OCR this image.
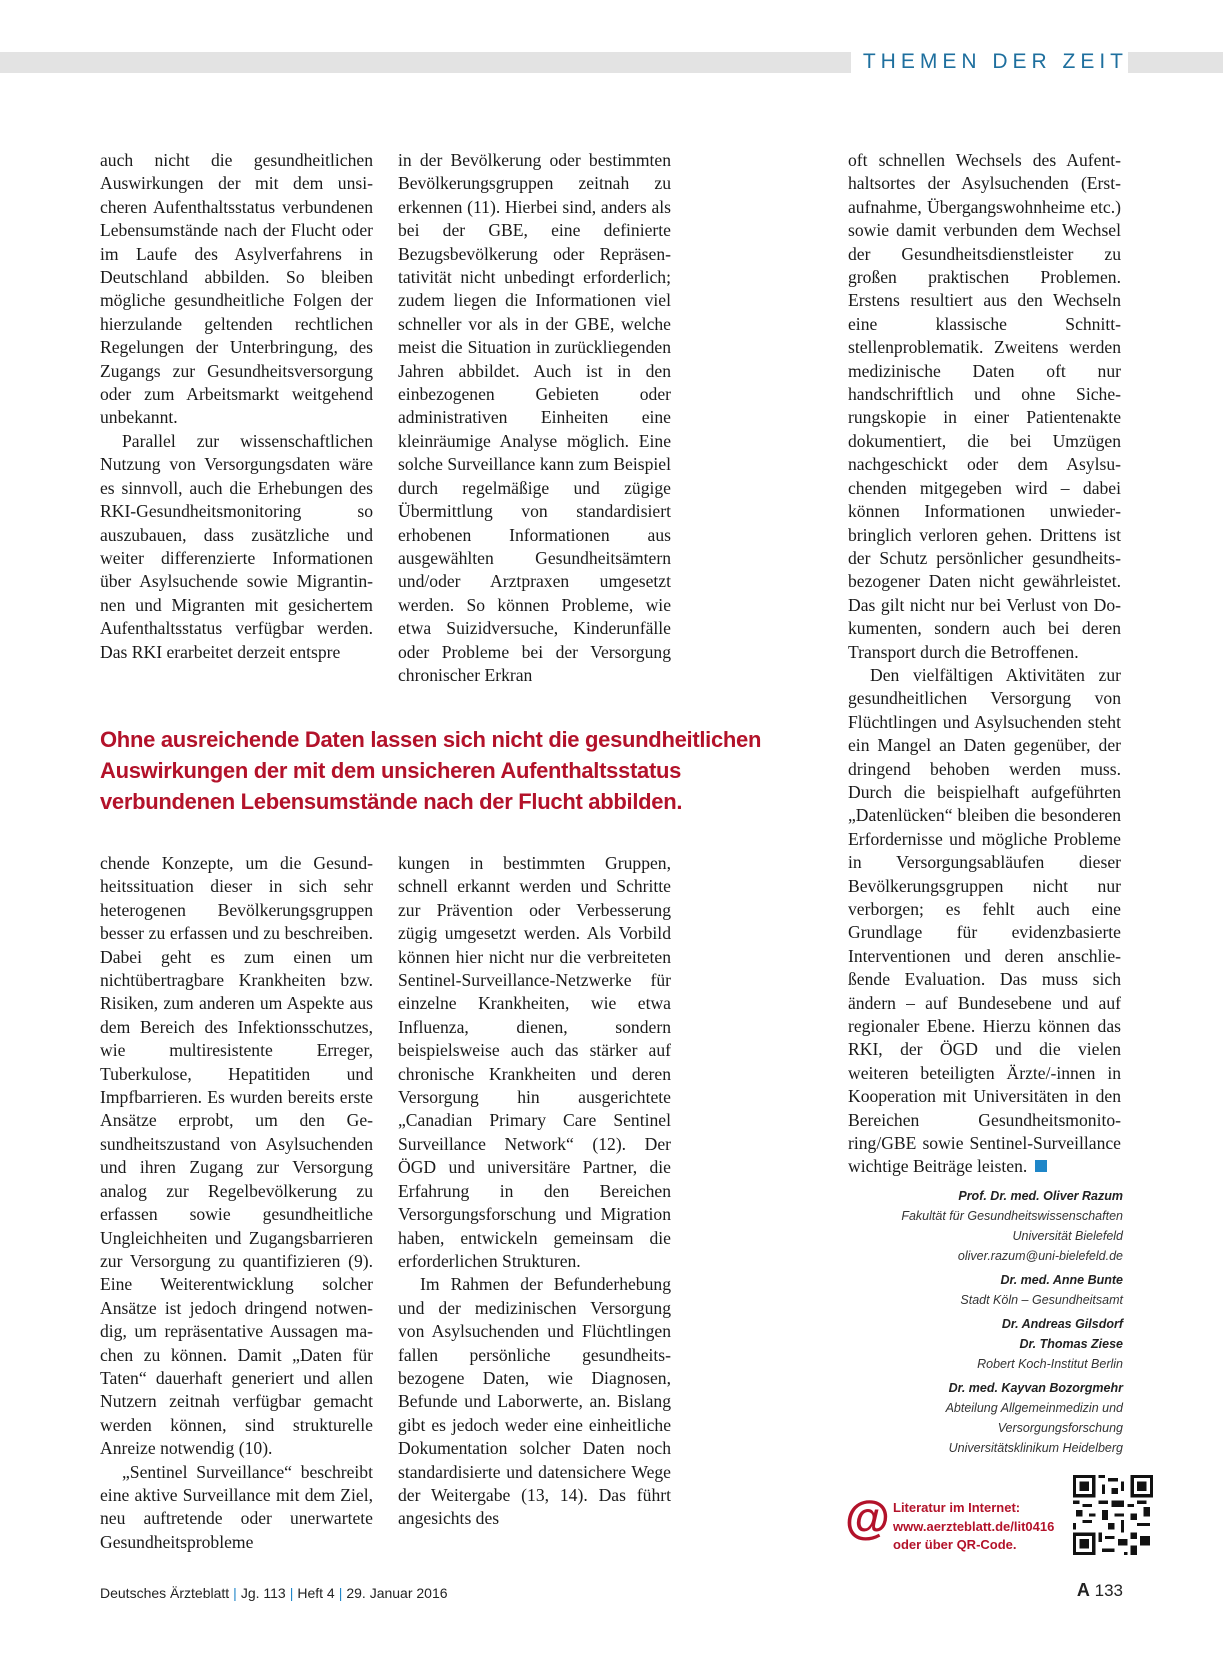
THEMEN DER ZEIT

auch nicht die gesundheitlichen Auswirkungen der mit dem unsicheren Aufenthaltsstatus verbundenen Lebensumstände nach der Flucht oder im Laufe des Asylverfahrens in Deutschland abbilden. So bleiben mögliche gesundheitliche Folgen der hierzulande geltenden rechtlichen Regelungen der Unterbringung, des Zugangs zur Gesundheitsversorgung oder zum Arbeitsmarkt weitgehend unbekannt.

Parallel zur wissenschaftlichen Nutzung von Versorgungsdaten wäre es sinnvoll, auch die Erhebungen des RKI-Gesundheitsmonitoring so auszubauen, dass zusätzliche und weiter differenzierte Informationen über Asylsuchende sowie Migrantinnen und Migranten mit gesichertem Aufenthaltsstatus verfügbar werden. Das RKI erarbeitet derzeit entspre

in der Bevölkerung oder bestimmten Bevölkerungsgruppen zeitnah zu erkennen (11). Hierbei sind, anders als bei der GBE, eine definierte Bezugsbevölkerung oder Repräsentativität nicht unbedingt erforderlich; zudem liegen die Informationen viel schneller vor als in der GBE, welche meist die Situation in zurückliegenden Jahren abbildet. Auch ist in den einbezogenen Gebieten oder administrativen Einheiten eine kleinräumige Analyse möglich. Eine solche Surveillance kann zum Beispiel durch regelmäßige und zügige Übermittlung von standardisiert erhobenen Informationen aus ausgewählten Gesundheitsämtern und/oder Arztpraxen umgesetzt werden. So können Probleme, wie etwa Suizidversuche, Kinderunfälle oder Probleme bei der Versorgung chronischer Erkran

oft schnellen Wechsels des Aufenthaltsortes der Asylsuchenden (Erstaufnahme, Übergangswohnheime etc.) sowie damit verbunden dem Wechsel der Gesundheitsdienstleister zu großen praktischen Problemen. Erstens resultiert aus den Wechseln eine klassische Schnittstellenproblematik. Zweitens werden medizinische Daten oft nur handschriftlich und ohne Sicherungskopie in einer Patientenakte dokumentiert, die bei Umzügen nachgeschickt oder dem Asylsuchenden mitgegeben wird – dabei können Informationen unwiederbringlich verloren gehen. Drittens ist der Schutz persönlicher gesundheitsbezogener Daten nicht gewährleistet. Das gilt nicht nur bei Verlust von Dokumenten, sondern auch bei deren Transport durch die Betroffenen.

Den vielfältigen Aktivitäten zur gesundheitlichen Versorgung von Flüchtlingen und Asylsuchenden steht ein Mangel an Daten gegenüber, der dringend behoben werden muss. Durch die beispielhaft aufgeführten „Datenlücken“ bleiben die besonderen Erfordernisse und mögliche Probleme in Versorgungsabläufen dieser Bevölkerungsgruppen nicht nur verborgen; es fehlt auch eine Grundlage für evidenzbasierte Interventionen und deren anschließende Evaluation. Das muss sich ändern – auf Bundesebene und auf regionaler Ebene. Hierzu können das RKI, der ÖGD und die vielen weiteren beteiligten Ärzte/-innen in Kooperation mit Universitäten in den Bereichen Gesundheitsmonitoring/GBE sowie Sentinel-Surveillance wichtige Beiträge leisten.

Ohne ausreichende Daten lassen sich nicht die gesundheitlichen
Auswirkungen der mit dem unsicheren Aufenthaltsstatus
verbundenen Lebensumstände nach der Flucht abbilden.

chende Konzepte, um die Gesundheitssituation dieser in sich sehr heterogenen Bevölkerungsgruppen besser zu erfassen und zu beschreiben. Dabei geht es zum einen um nichtübertragbare Krankheiten bzw. Risiken, zum anderen um Aspekte aus dem Bereich des Infektionsschutzes, wie multiresistente Erreger, Tuberkulose, Hepatitiden und Impfbarrieren. Es wurden bereits erste Ansätze erprobt, um den Gesundheitszustand von Asylsuchenden und ihren Zugang zur Versorgung analog zur Regelbevölkerung zu erfassen sowie gesundheitliche Ungleichheiten und Zugangsbarrieren zur Versorgung zu quantifizieren (9). Eine Weiterentwicklung solcher Ansätze ist jedoch dringend notwendig, um repräsentative Aussagen machen zu können. Damit „Daten für Taten“ dauerhaft generiert und allen Nutzern zeitnah verfügbar gemacht werden können, sind strukturelle Anreize notwendig (10).

„Sentinel Surveillance“ beschreibt eine aktive Surveillance mit dem Ziel, neu auftretende oder unerwartete Gesundheitsprobleme

kungen in bestimmten Gruppen, schnell erkannt werden und Schritte zur Prävention oder Verbesserung zügig umgesetzt werden. Als Vorbild können hier nicht nur die verbreiteten Sentinel-Surveillance-Netzwerke für einzelne Krankheiten, wie etwa Influenza, dienen, sondern beispielsweise auch das stärker auf chronische Krankheiten und deren Versorgung hin ausgerichtete „Canadian Primary Care Sentinel Surveillance Network“ (12). Der ÖGD und universitäre Partner, die Erfahrung in den Bereichen Versorgungsforschung und Migration haben, entwickeln gemeinsam die erforderlichen Strukturen.

Im Rahmen der Befunderhebung und der medizinischen Versorgung von Asylsuchenden und Flüchtlingen fallen persönliche gesundheitsbezogene Daten, wie Diagnosen, Befunde und Laborwerte, an. Bislang gibt es jedoch weder eine einheitliche Dokumentation solcher Daten noch standardisierte und datensichere Wege der Weitergabe (13, 14). Das führt angesichts des

Prof. Dr. med. Oliver Razum
Fakultät für Gesundheitswissenschaften
Universität Bielefeld
oliver.razum@uni-bielefeld.de
Dr. med. Anne Bunte
Stadt Köln – Gesundheitsamt
Dr. Andreas Gilsdorf
Dr. Thomas Ziese
Robert Koch-Institut Berlin
Dr. med. Kayvan Bozorgmehr
Abteilung Allgemeinmedizin und
Versorgungsforschung
Universitätsklinikum Heidelberg
@ Literatur im Internet:
www.aerzteblatt.de/lit0416
oder über QR-Code.
Deutsches Ärzteblatt | Jg. 113 | Heft 4 | 29. Januar 2016	A 133
